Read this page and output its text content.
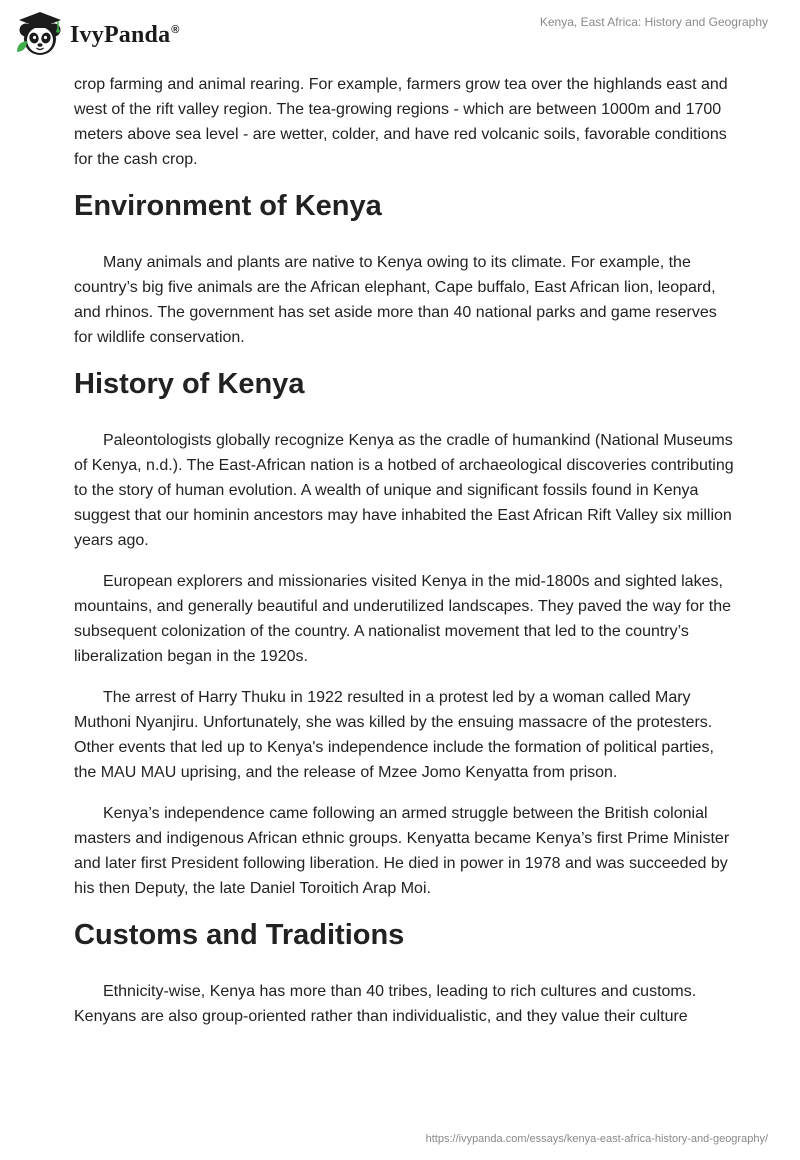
IvyPanda®
Kenya, East Africa: History and Geography

crop farming and animal rearing. For example, farmers grow tea over the highlands east and west of the rift valley region. The tea-growing regions - which are between 1000m and 1700 meters above sea level - are wetter, colder, and have red volcanic soils, favorable conditions for the cash crop.

Environment of Kenya

Many animals and plants are native to Kenya owing to its climate. For example, the country’s big five animals are the African elephant, Cape buffalo, East African lion, leopard, and rhinos. The government has set aside more than 40 national parks and game reserves for wildlife conservation.

History of Kenya

Paleontologists globally recognize Kenya as the cradle of humankind (National Museums of Kenya, n.d.). The East-African nation is a hotbed of archaeological discoveries contributing to the story of human evolution. A wealth of unique and significant fossils found in Kenya suggest that our hominin ancestors may have inhabited the East African Rift Valley six million years ago.

European explorers and missionaries visited Kenya in the mid-1800s and sighted lakes, mountains, and generally beautiful and underutilized landscapes. They paved the way for the subsequent colonization of the country. A nationalist movement that led to the country’s liberalization began in the 1920s.

The arrest of Harry Thuku in 1922 resulted in a protest led by a woman called Mary Muthoni Nyanjiru. Unfortunately, she was killed by the ensuing massacre of the protesters. Other events that led up to Kenya's independence include the formation of political parties, the MAU MAU uprising, and the release of Mzee Jomo Kenyatta from prison.

Kenya’s independence came following an armed struggle between the British colonial masters and indigenous African ethnic groups. Kenyatta became Kenya’s first Prime Minister and later first President following liberation. He died in power in 1978 and was succeeded by his then Deputy, the late Daniel Toroitich Arap Moi.

Customs and Traditions

Ethnicity-wise, Kenya has more than 40 tribes, leading to rich cultures and customs. Kenyans are also group-oriented rather than individualistic, and they value their culture

https://ivypanda.com/essays/kenya-east-africa-history-and-geography/
